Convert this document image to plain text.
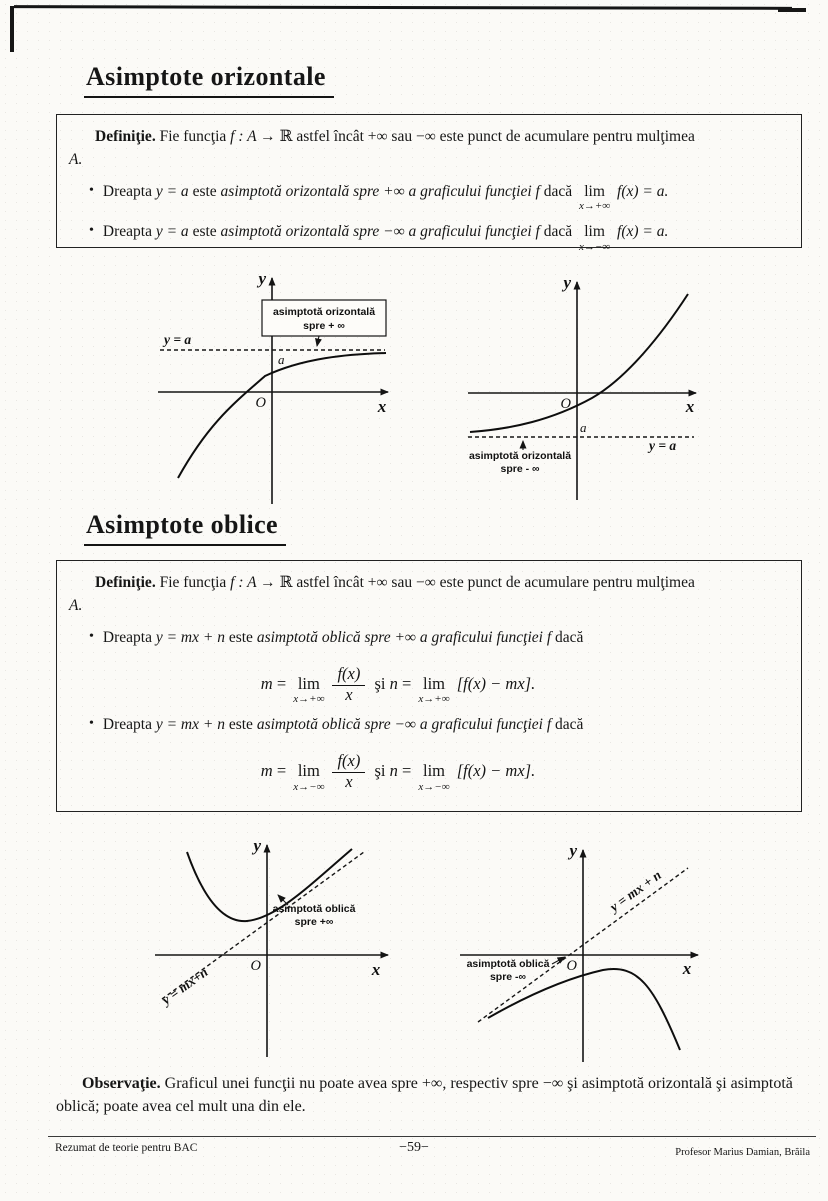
Asimptote orizontale

Definiţie. Fie funcţia f : A → ℝ astfel încât +∞ sau −∞ este punct de acumulare pentru mulţimea
A.

• Dreapta y = a este asimptotă orizontală spre +∞ a graficului funcţiei f dacă lim
x→+∞
f(x) = a.
• Dreapta y = a este asimptotă orizontală spre −∞ a graficului funcţiei f dacă lim
x→−∞
f(x) = a.
asimptotă orizontală
spre + ∞
y
x
O
y = a
a
asimptotă orizontală
spre - ∞
y
x
O
y = a
a
Asimptote oblice

Definiţie. Fie funcţia f : A → ℝ astfel încât +∞ sau −∞ este punct de acumulare pentru mulţimea
A.

• Dreapta y = mx + n este asimptotă oblică spre +∞ a graficului funcţiei f dacă
m = lim
$x\to+\infty \frac{f(x)}{x}$ şi n = lim
x→+∞
[f(x) − mx].
• Dreapta y = mx + n este asimptotă oblică spre −∞ a graficului funcţiei f dacă
m = lim
$x\to-\infty \frac{f(x)}{x}$ şi n = lim
x→−∞
[f(x) − mx].
y = mx+n
asimptotă oblică
spre +∞
y
x
O
y = mx + n
asimptotă oblică
spre -∞
y
x
O

Observaţie. Graficul unei funcţii nu poate avea spre +∞, respectiv spre −∞ şi asimptotă orizontală şi asimptotă oblică; poate avea cel mult una din ele.

Rezumat de teorie pentru BAC	−59−	Profesor Marius Damian, Brăila
